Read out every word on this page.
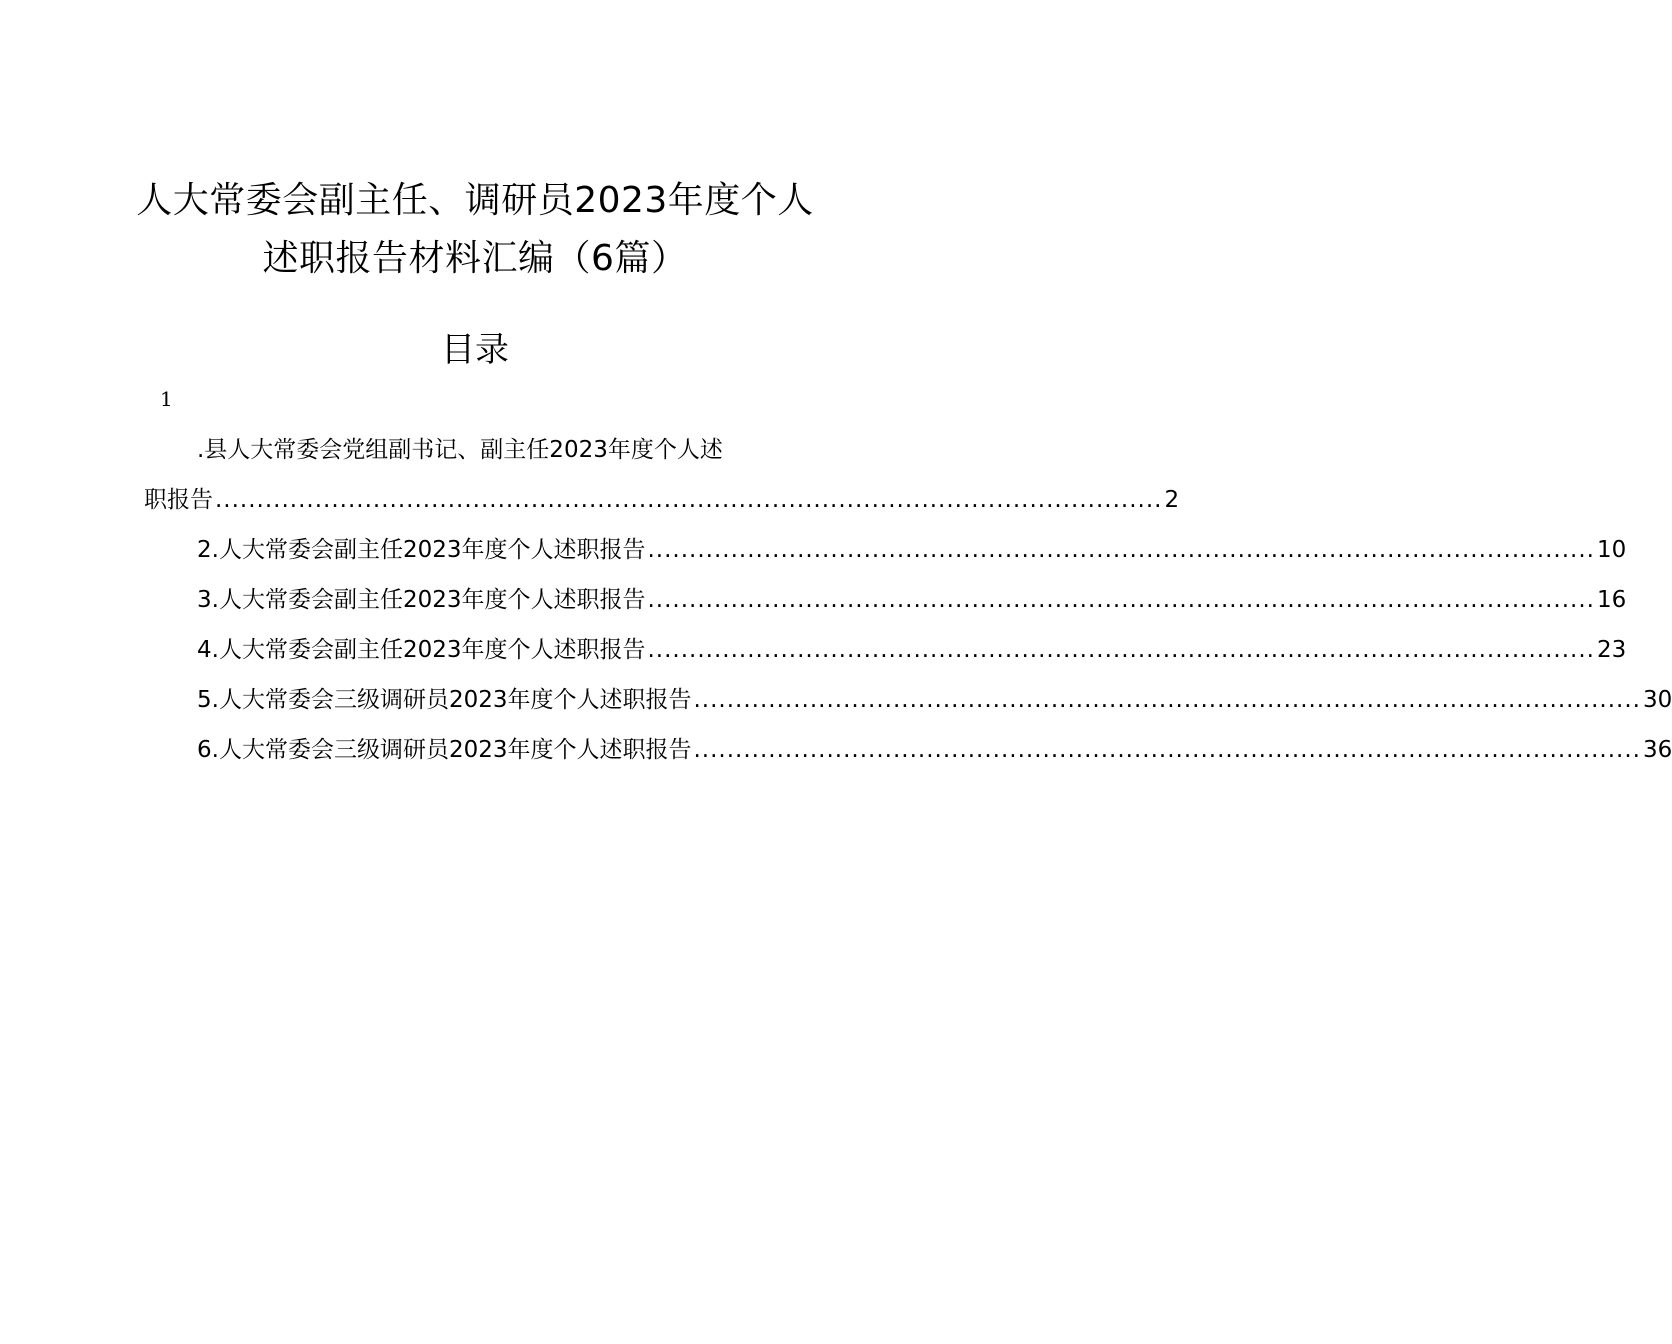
人大常委会副主任、调研员2023年度个人
述职报告材料汇编（6篇）
目录
1
.县人大常委会党组副书记、副主任2023年度个人述
职报告 .................................................................................................................. 2
2.人大常委会副主任2023年度个人述职报告 .................................................................................................................. 10
3.人大常委会副主任2023年度个人述职报告 .................................................................................................................. 16
4.人大常委会副主任2023年度个人述职报告 .................................................................................................................. 23
5.人大常委会三级调研员2023年度个人述职报告 .................................................................................................................. 30
6.人大常委会三级调研员2023年度个人述职报告 .................................................................................................................. 36
